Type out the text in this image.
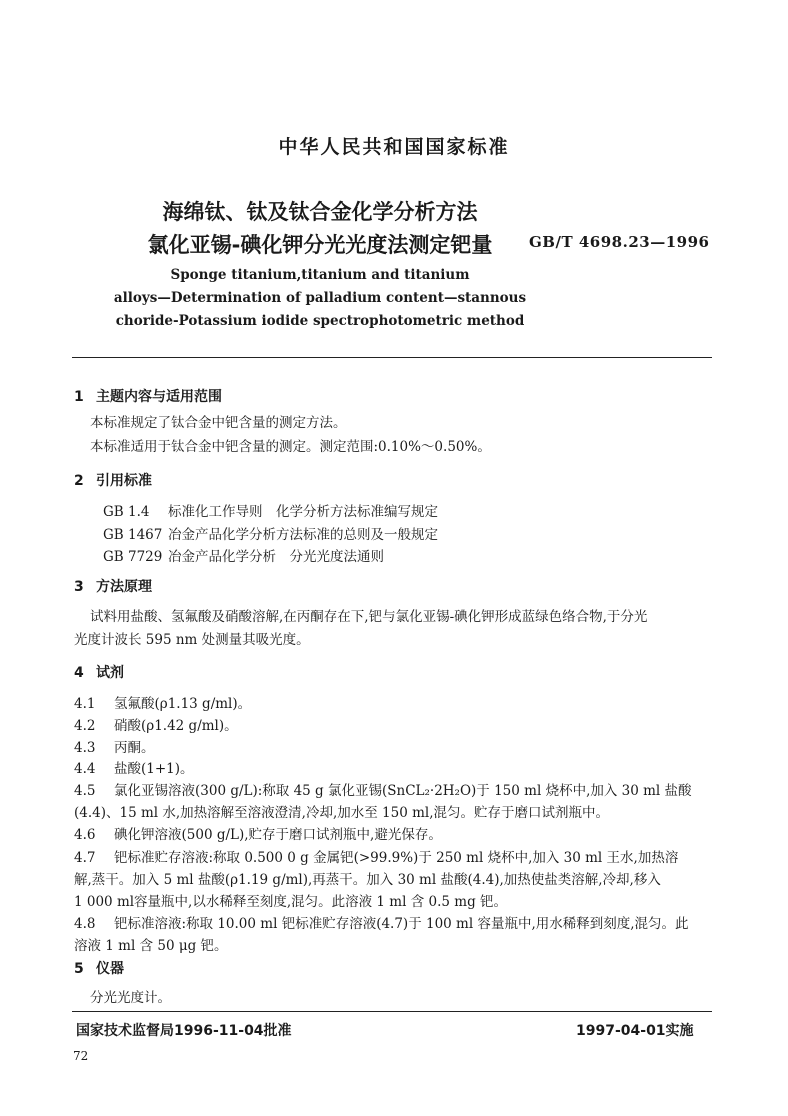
中华人民共和国国家标准
海绵钛、钛及钛合金化学分析方法
氯化亚锡-碘化钾分光光度法测定钯量	GB/T 4698.23—1996
Sponge titanium,titanium and titanium
alloys—Determination of palladium content—stannous
choride-Potassium iodide spectrophotometric method
1 主题内容与适用范围
本标准规定了钛合金中钯含量的测定方法。
本标准适用于钛合金中钯含量的测定。测定范围:0.10%～0.50%。
2 引用标准
GB 1.4 标准化工作导则　化学分析方法标准编写规定
GB 1467 冶金产品化学分析方法标准的总则及一般规定
GB 7729 冶金产品化学分析　分光光度法通则
3 方法原理
试料用盐酸、氢氟酸及硝酸溶解,在丙酮存在下,钯与氯化亚锡-碘化钾形成蓝绿色络合物,于分光
光度计波长 595 nm 处测量其吸光度。
4 试剂
4.1 氢氟酸(ρ1.13 g/ml)。
4.2 硝酸(ρ1.42 g/ml)。
4.3 丙酮。
4.4 盐酸(1+1)。
4.5 氯化亚锡溶液(300 g/L):称取 45 g 氯化亚锡(SnCL₂·2H₂O)于 150 ml 烧杯中,加入 30 ml 盐酸
(4.4)、15 ml 水,加热溶解至溶液澄清,冷却,加水至 150 ml,混匀。贮存于磨口试剂瓶中。
4.6 碘化钾溶液(500 g/L),贮存于磨口试剂瓶中,避光保存。
4.7 钯标准贮存溶液:称取 0.500 0 g 金属钯(>99.9%)于 250 ml 烧杯中,加入 30 ml 王水,加热溶
解,蒸干。加入 5 ml 盐酸(ρ1.19 g/ml),再蒸干。加入 30 ml 盐酸(4.4),加热使盐类溶解,冷却,移入
1 000 ml容量瓶中,以水稀释至刻度,混匀。此溶液 1 ml 含 0.5 mg 钯。
4.8 钯标准溶液:称取 10.00 ml 钯标准贮存溶液(4.7)于 100 ml 容量瓶中,用水稀释到刻度,混匀。此
溶液 1 ml 含 50 μg 钯。
5 仪器
分光光度计。
国家技术监督局1996-11-04批准	1997-04-01实施
72
